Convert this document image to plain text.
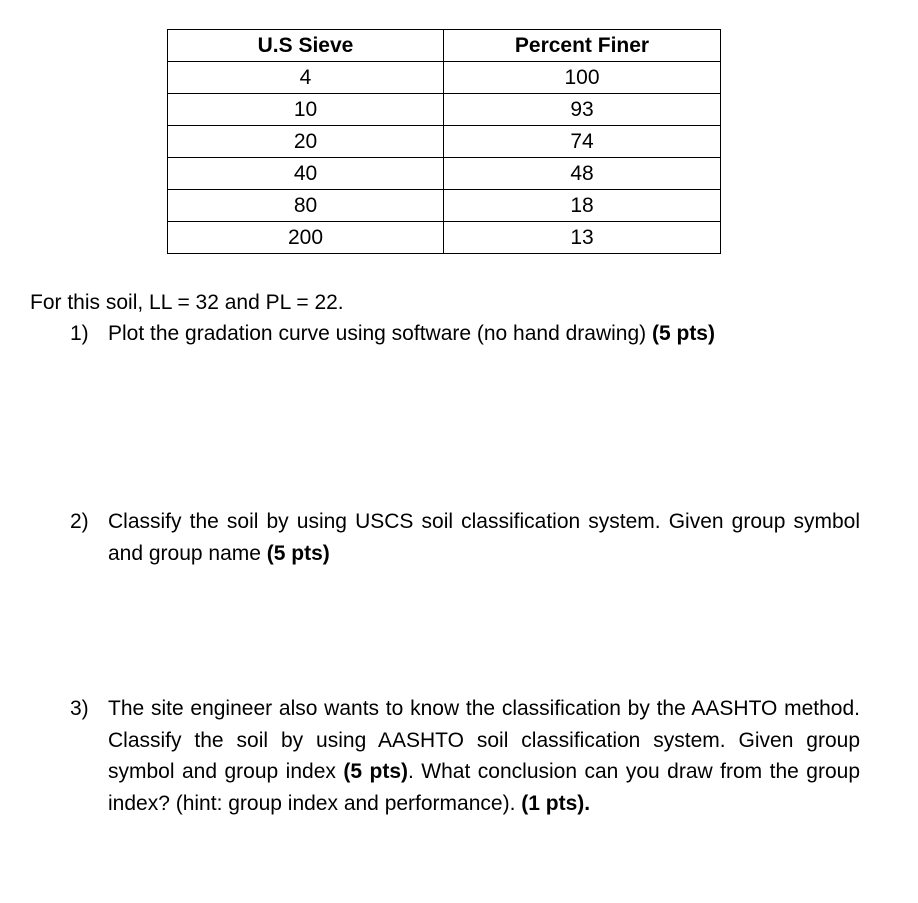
U.S Sieve	Percent Finer
4	100
10	93
20	74
40	48
80	18
200	13
For this soil, LL = 32 and PL = 22.
1) Plot the gradation curve using software (no hand drawing) (5 pts)
2) Classify the soil by using USCS soil classification system. Given group symbol and group name (5 pts)
3) The site engineer also wants to know the classification by the AASHTO method. Classify the soil by using AASHTO soil classification system. Given group symbol and group index (5 pts). What conclusion can you draw from the group index? (hint: group index and performance). (1 pts).
